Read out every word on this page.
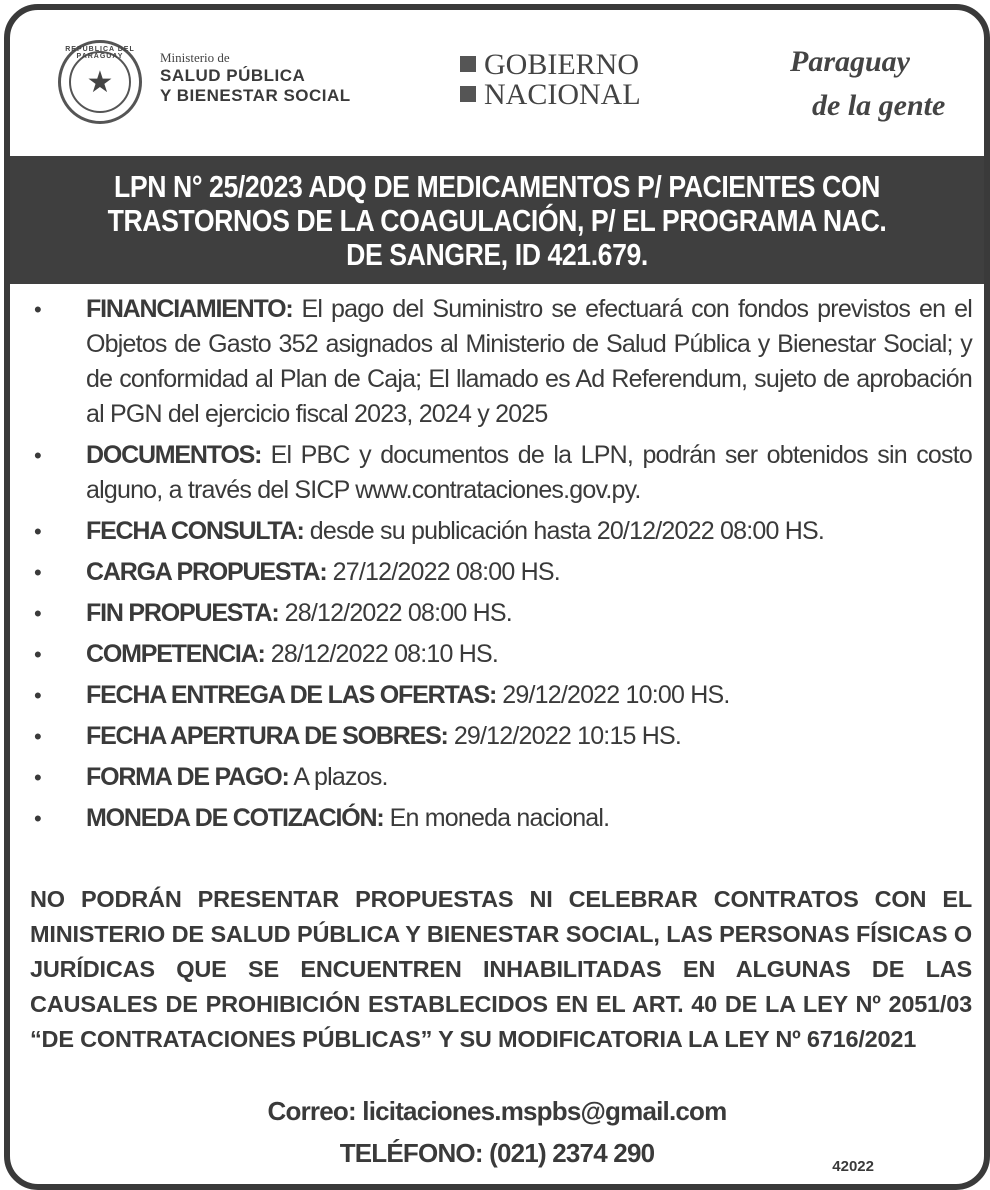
REPÚBLICA DEL PARAGUAY
★
Ministerio de
SALUD PÚBLICA
Y BIENESTAR SOCIAL
GOBIERNO
NACIONAL
Paraguay
de la gente
LPN N° 25/2023 ADQ DE MEDICAMENTOS P/ PACIENTES CON
TRASTORNOS DE LA COAGULACIÓN, P/ EL PROGRAMA NAC.
DE SANGRE, ID 421.679.
• FINANCIAMIENTO: El pago del Suministro se efectuará con fondos previstos en el Objetos de Gasto 352 asignados al Ministerio de Salud Pública y Bienestar Social; y de conformidad al Plan de Caja; El llamado es Ad Referendum, sujeto de aprobación al PGN del ejercicio fiscal 2023, 2024 y 2025
• DOCUMENTOS: El PBC y documentos de la LPN, podrán ser obtenidos sin costo alguno, a través del SICP www.contrataciones.gov.py.
• FECHA CONSULTA: desde su publicación hasta 20/12/2022 08:00 HS.
• CARGA PROPUESTA: 27/12/2022 08:00 HS.
• FIN PROPUESTA: 28/12/2022 08:00 HS.
• COMPETENCIA: 28/12/2022 08:10 HS.
• FECHA ENTREGA DE LAS OFERTAS: 29/12/2022 10:00 HS.
• FECHA APERTURA DE SOBRES: 29/12/2022 10:15 HS.
• FORMA DE PAGO: A plazos.
• MONEDA DE COTIZACIÓN: En moneda nacional.
NO PODRÁN PRESENTAR PROPUESTAS NI CELEBRAR CONTRATOS CON EL MINISTERIO DE SALUD PÚBLICA Y BIENESTAR SOCIAL, LAS PERSONAS FÍSICAS O JURÍDICAS QUE SE ENCUENTREN INHABILITADAS EN ALGUNAS DE LAS CAUSALES DE PROHIBICIÓN ESTABLECIDOS EN EL ART. 40 DE LA LEY Nº 2051/03 “DE CONTRATACIONES PÚBLICAS” Y SU MODIFICATORIA LA LEY Nº 6716/2021
Correo: licitaciones.mspbs@gmail.com
TELÉFONO: (021) 2374 290	42022
